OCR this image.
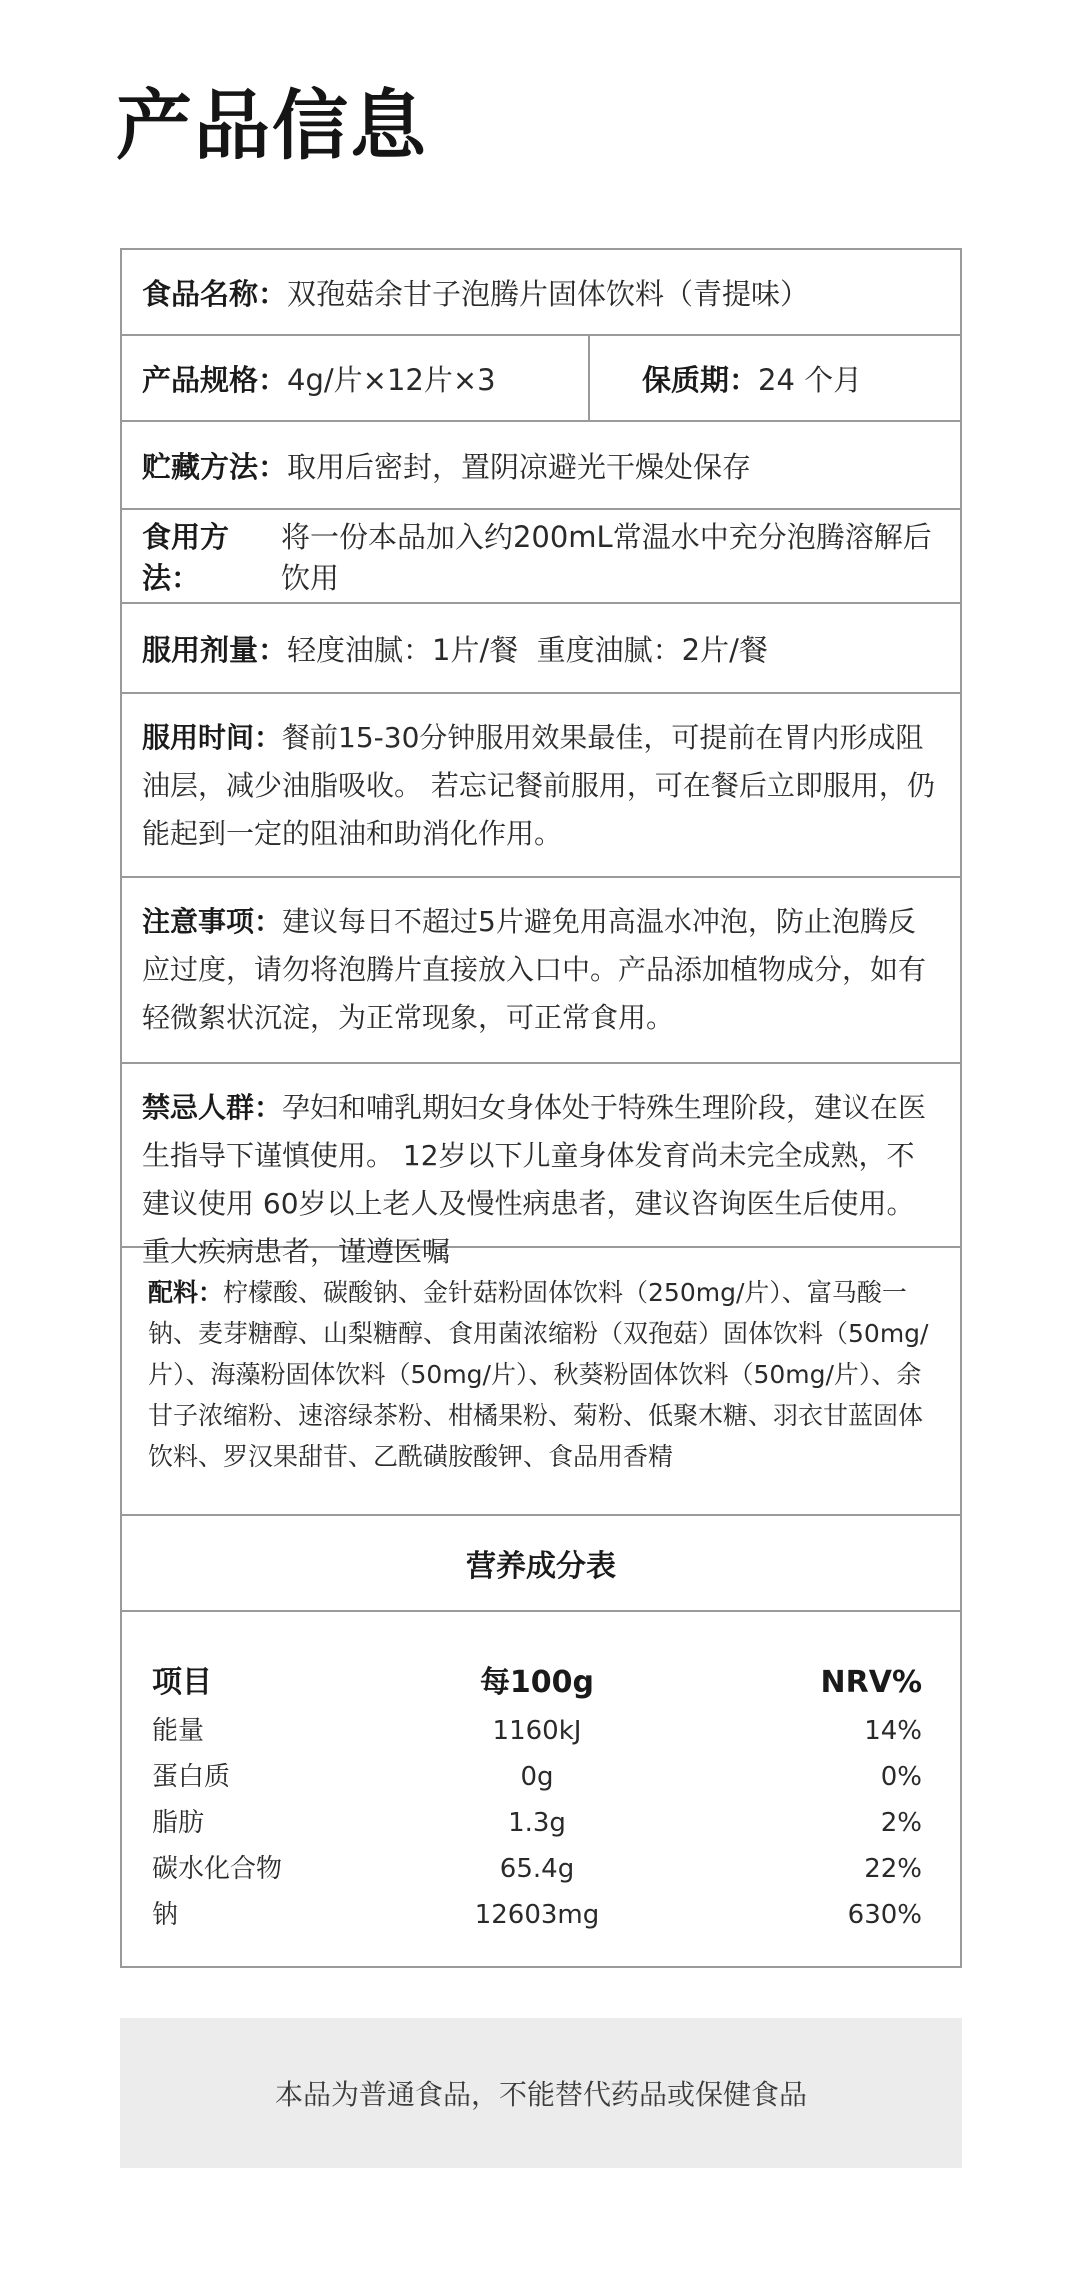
产品信息
食品名称： 双孢菇余甘子泡腾片固体饮料（青提味）
产品规格： 4g/片×12片×3	保质期： 24 个月
贮藏方法： 取用后密封，置阴凉避光干燥处保存
食用方法：
将一份本品加入约200mL常温水中充分泡腾溶解后饮用
服用剂量： 轻度油腻：1片/餐  重度油腻：2片/餐
服用时间：餐前15-30分钟服用效果最佳，可提前在胃内形成阻油层，减少油脂吸收。 若忘记餐前服用，可在餐后立即服用，仍能起到一定的阻油和助消化作用。
注意事项：建议每日不超过5片避免用高温水冲泡，防止泡腾反应过度，请勿将泡腾片直接放入口中。产品添加植物成分，如有轻微絮状沉淀，为正常现象，可正常食用。
禁忌人群：孕妇和哺乳期妇女身体处于特殊生理阶段，建议在医生指导下谨慎使用。 12岁以下儿童身体发育尚未完全成熟，不建议使用 60岁以上老人及慢性病患者，建议咨询医生后使用。重大疾病患者，谨遵医嘱
配料：柠檬酸、碳酸钠、金针菇粉固体饮料（250mg/片）、富马酸一钠、麦芽糖醇、山梨糖醇、食用菌浓缩粉（双孢菇）固体饮料（50mg/片）、海藻粉固体饮料（50mg/片）、秋葵粉固体饮料（50mg/片）、余甘子浓缩粉、速溶绿茶粉、柑橘果粉、菊粉、低聚木糖、羽衣甘蓝固体饮料、罗汉果甜苷、乙酰磺胺酸钾、食品用香精
营养成分表
项目	每100g	NRV%
能量	1160kJ	14%
蛋白质	0g	0%
脂肪	1.3g	2%
碳水化合物	65.4g	22%
钠	12603mg	630%
本品为普通食品，不能替代药品或保健食品
